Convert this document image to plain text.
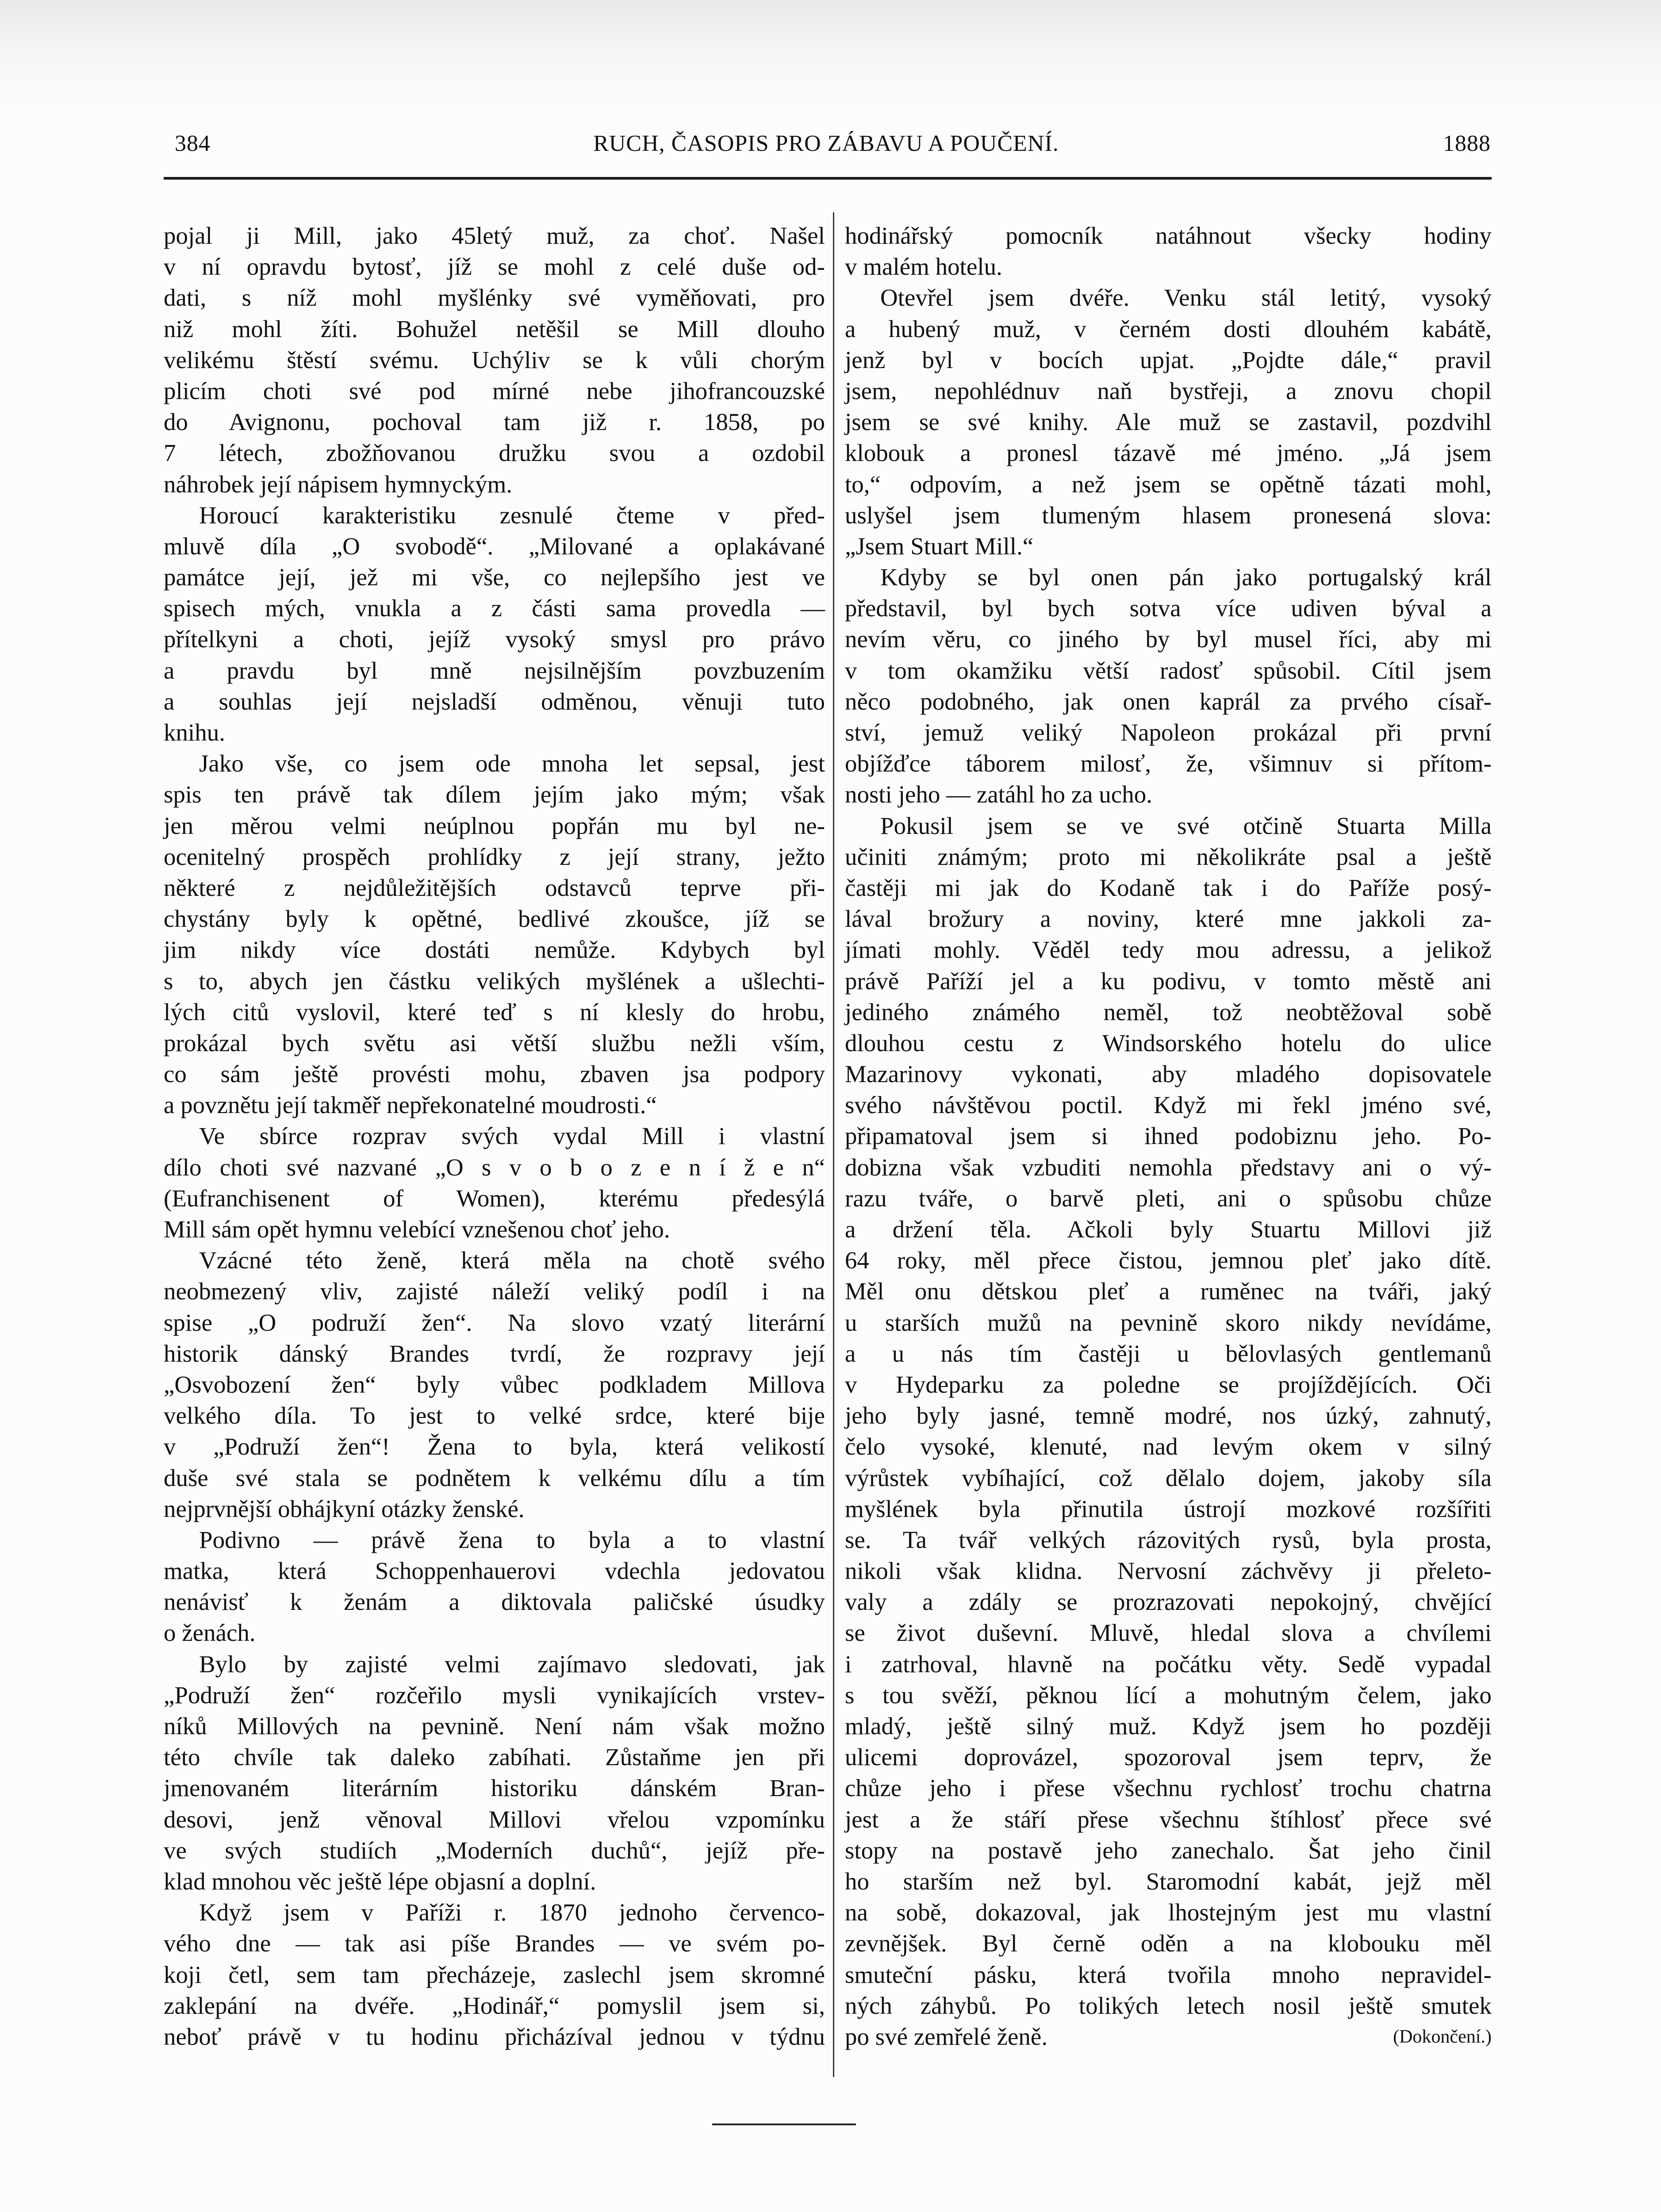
384	RUCH, ČASOPIS PRO ZÁBAVU A POUČENÍ.	1888
pojal ji Mill, jako 45letý muž, za choť. Našel
v ní opravdu bytosť, jíž se mohl z celé duše od-
dati, s níž mohl myšlénky své vyměňovati, pro
niž mohl žíti. Bohužel netěšil se Mill dlouho
velikému štěstí svému. Uchýliv se k vůli chorým
plicím choti své pod mírné nebe jihofrancouzské
do Avignonu, pochoval tam již r. 1858, po
7 létech, zbožňovanou družku svou a ozdobil
náhrobek její nápisem hymnyckým.
Horoucí karakteristiku zesnulé čteme v před-
mluvě díla „O svobodě“. „Milované a oplakávané
památce její, jež mi vše, co nejlepšího jest ve
spisech mých, vnukla a z části sama provedla —
přítelkyni a choti, jejíž vysoký smysl pro právo
a pravdu byl mně nejsilnějším povzbuzením
a souhlas její nejsladší odměnou, věnuji tuto
knihu.
Jako vše, co jsem ode mnoha let sepsal, jest
spis ten právě tak dílem jejím jako mým; však
jen měrou velmi neúplnou popřán mu byl ne-
ocenitelný prospěch prohlídky z její strany, ježto
některé z nejdůležitějších odstavců teprve při-
chystány byly k opětné, bedlivé zkoušce, jíž se
jim nikdy více dostáti nemůže. Kdybych byl
s to, abych jen částku velikých myšlének a ušlechti-
lých citů vyslovil, které teď s ní klesly do hrobu,
prokázal bych světu asi větší službu nežli vším,
co sám ještě provésti mohu, zbaven jsa podpory
a povznětu její takměř nepřekonatelné moudrosti.“
Ve sbírce rozprav svých vydal Mill i vlastní
dílo choti své nazvané „O s v o b o z e n í ž e n“
(Eufranchisenent of Women), kterému předesýlá
Mill sám opět hymnu velebící vznešenou choť jeho.
Vzácné této ženě, která měla na chotě svého
neobmezený vliv, zajisté náleží veliký podíl i na
spise „O podruží žen“. Na slovo vzatý literární
historik dánský Brandes tvrdí, že rozpravy její
„Osvobození žen“ byly vůbec podkladem Millova
velkého díla. To jest to velké srdce, které bije
v „Podruží žen“! Žena to byla, která velikostí
duše své stala se podnětem k velkému dílu a tím
nejprvnější obhájkyní otázky ženské.
Podivno — právě žena to byla a to vlastní
matka, která Schoppenhauerovi vdechla jedovatou
nenávisť k ženám a diktovala paličské úsudky
o ženách.
Bylo by zajisté velmi zajímavo sledovati, jak
„Podruží žen“ rozčeřilo mysli vynikajících vrstev-
níků Millových na pevnině. Není nám však možno
této chvíle tak daleko zabíhati. Zůstaňme jen při
jmenovaném literárním historiku dánském Bran-
desovi, jenž věnoval Millovi vřelou vzpomínku
ve svých studiích „Moderních duchů“, jejíž pře-
klad mnohou věc ještě lépe objasní a doplní.
Když jsem v Paříži r. 1870 jednoho červenco-
vého dne — tak asi píše Brandes — ve svém po-
koji četl, sem tam přecházeje, zaslechl jsem skromné
zaklepání na dvéře. „Hodinář,“ pomyslil jsem si,
neboť právě v tu hodinu přicházíval jednou v týdnu
hodinářský pomocník natáhnout všecky hodiny
v malém hotelu.
Otevřel jsem dvéře. Venku stál letitý, vysoký
a hubený muž, v černém dosti dlouhém kabátě,
jenž byl v bocích upjat. „Pojdte dále,“ pravil
jsem, nepohlédnuv naň bystřeji, a znovu chopil
jsem se své knihy. Ale muž se zastavil, pozdvihl
klobouk a pronesl tázavě mé jméno. „Já jsem
to,“ odpovím, a než jsem se opětně tázati mohl,
uslyšel jsem tlumeným hlasem pronesená slova:
„Jsem Stuart Mill.“
Kdyby se byl onen pán jako portugalský král
představil, byl bych sotva více udiven býval a
nevím věru, co jiného by byl musel říci, aby mi
v tom okamžiku větší radosť spůsobil. Cítil jsem
něco podobného, jak onen kaprál za prvého císař-
ství, jemuž veliký Napoleon prokázal při první
objížďce táborem milosť, že, všimnuv si přítom-
nosti jeho — zatáhl ho za ucho.
Pokusil jsem se ve své otčině Stuarta Milla
učiniti známým; proto mi několikráte psal a ještě
častěji mi jak do Kodaně tak i do Paříže posý-
lával brožury a noviny, které mne jakkoli za-
jímati mohly. Věděl tedy mou adressu, a jelikož
právě Paříží jel a ku podivu, v tomto městě ani
jediného známého neměl, tož neobtěžoval sobě
dlouhou cestu z Windsorského hotelu do ulice
Mazarinovy vykonati, aby mladého dopisovatele
svého návštěvou poctil. Když mi řekl jméno své,
připamatoval jsem si ihned podobiznu jeho. Po-
dobizna však vzbuditi nemohla představy ani o vý-
razu tváře, o barvě pleti, ani o spůsobu chůze
a držení těla. Ačkoli byly Stuartu Millovi již
64 roky, měl přece čistou, jemnou pleť jako dítě.
Měl onu dětskou pleť a ruměnec na tváři, jaký
u starších mužů na pevnině skoro nikdy nevídáme,
a u nás tím častěji u bělovlasých gentlemanů
v Hydeparku za poledne se projíždějících. Oči
jeho byly jasné, temně modré, nos úzký, zahnutý,
čelo vysoké, klenuté, nad levým okem v silný
výrůstek vybíhající, což dělalo dojem, jakoby síla
myšlének byla přinutila ústrojí mozkové rozšířiti
se. Ta tvář velkých rázovitých rysů, byla prosta,
nikoli však klidna. Nervosní záchvěvy ji přeleto-
valy a zdály se prozrazovati nepokojný, chvějící
se život duševní. Mluvě, hledal slova a chvílemi
i zatrhoval, hlavně na počátku věty. Sedě vypadal
s tou svěží, pěknou lící a mohutným čelem, jako
mladý, ještě silný muž. Když jsem ho později
ulicemi doprovázel, spozoroval jsem teprv, že
chůze jeho i přese všechnu rychlosť trochu chatrna
jest a že stáří přese všechnu štíhlosť přece své
stopy na postavě jeho zanechalo. Šat jeho činil
ho starším než byl. Staromodní kabát, jejž měl
na sobě, dokazoval, jak lhostejným jest mu vlastní
zevnějšek. Byl černě oděn a na klobouku měl
smuteční pásku, která tvořila mnoho nepravidel-
ných záhybů. Po tolikých letech nosil ještě smutek
po své zemřelé ženě.	(Dokončení.)
